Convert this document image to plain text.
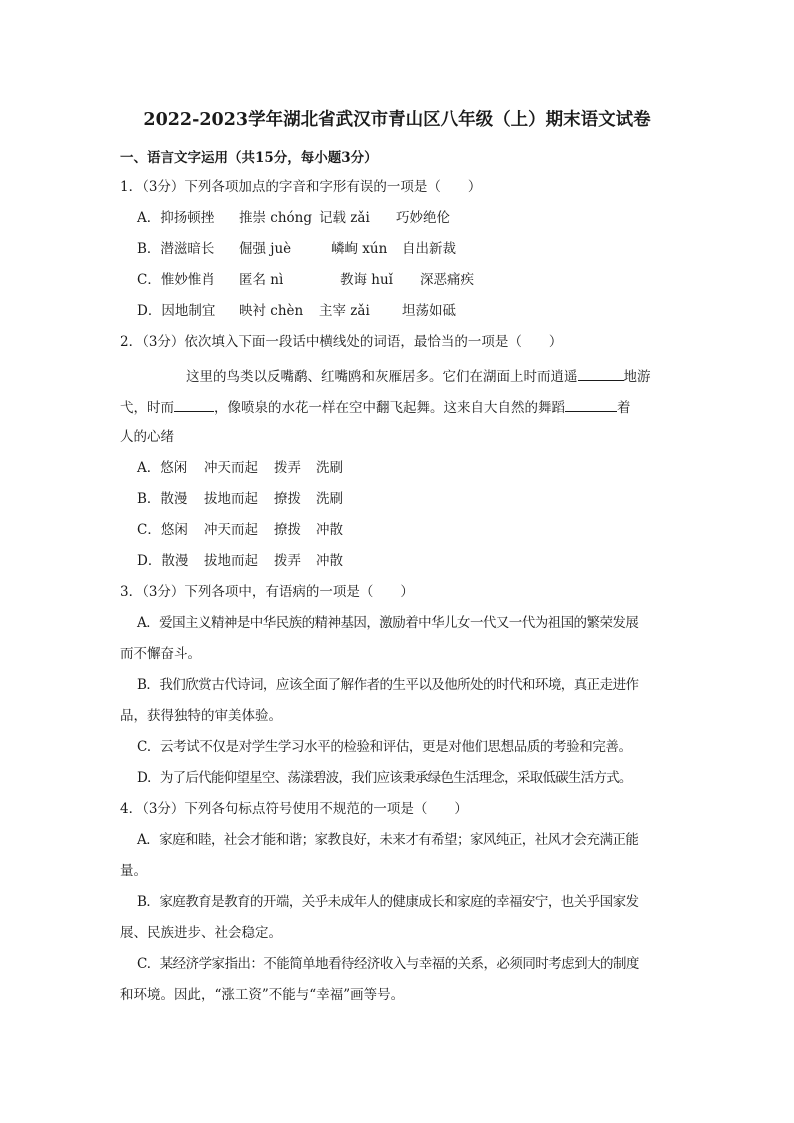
2022-2023学年湖北省武汉市青山区八年级（上）期末语文试卷
一、语言文字运用（共15分，每小题3分）
1．（3分）下列各项加点的字音和字形有误的一项是（　　）
A．抑扬顿挫 推崇 chóng 记载 zǎi 巧妙绝伦
B．潜滋暗长 倔强 juè	嶙峋 xún 自出新裁
C．惟妙惟肖 匿名 nì	教诲 huǐ 深恶痛疾
D．因地制宜 映衬 chèn 主宰 zǎi 坦荡如砥
2．（3分）依次填入下面一段话中横线处的词语，最恰当的一项是（　　）
这里的鸟类以反嘴鹬、红嘴鸥和灰雁居多。它们在湖面上时而逍遥	地游
弋，时而	，像喷泉的水花一样在空中翻飞起舞。这来自大自然的舞蹈	着
人的心绪
A．悠闲 冲天而起 拨弄 洗刷
B．散漫 拔地而起 撩拨 洗刷
C．悠闲 冲天而起 撩拨 冲散
D．散漫 拔地而起 拨弄 冲散
3．（3分）下列各项中，有语病的一项是（　　）
A．爱国主义精神是中华民族的精神基因，激励着中华儿女一代又一代为祖国的繁荣发展
而不懈奋斗。
B．我们欣赏古代诗词，应该全面了解作者的生平以及他所处的时代和环境，真正走进作
品，获得独特的审美体验。
C．云考试不仅是对学生学习水平的检验和评估，更是对他们思想品质的考验和完善。
D．为了后代能仰望星空、荡漾碧波，我们应该秉承绿色生活理念，采取低碳生活方式。
4．（3分）下列各句标点符号使用不规范的一项是（　　）
A．家庭和睦，社会才能和谐；家教良好，未来才有希望；家风纯正，社风才会充满正能
量。
B．家庭教育是教育的开端，关乎未成年人的健康成长和家庭的幸福安宁，也关乎国家发
展、民族进步、社会稳定。
C．某经济学家指出：不能简单地看待经济收入与幸福的关系，必须同时考虑到大的制度
和环境。因此，“涨工资”不能与“幸福”画等号。
